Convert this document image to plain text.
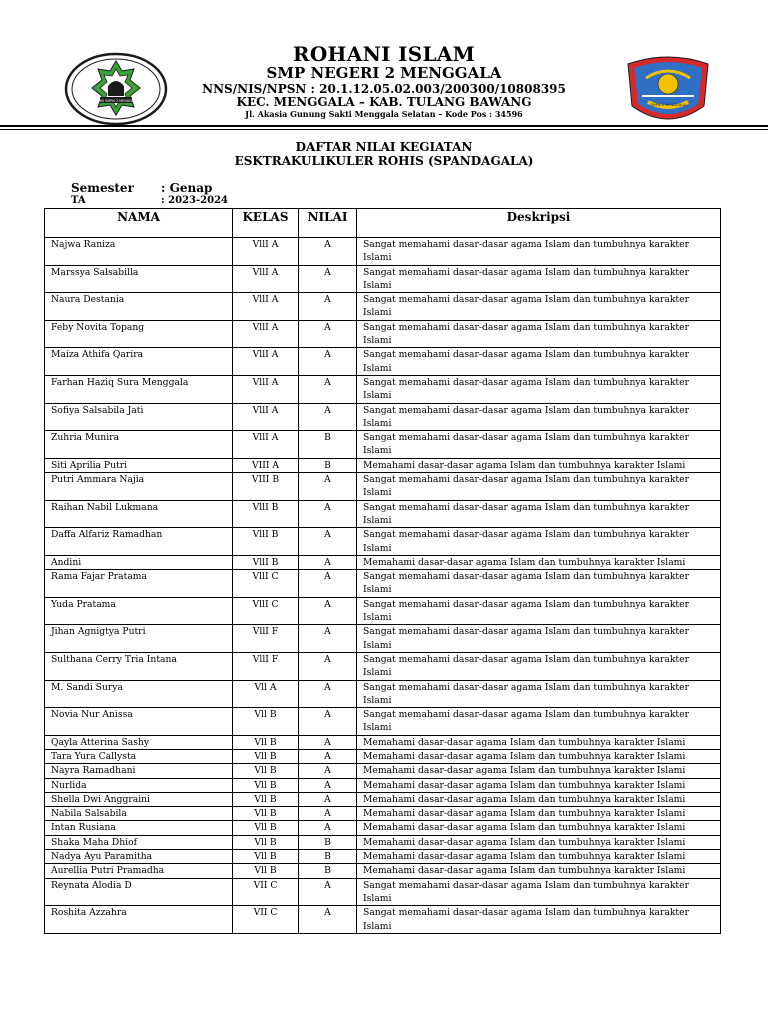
ROHIS SMPN 2 MENGGALA
ROHANI ISLAM
SMP NEGERI 2 MENGGALA
NNS/NIS/NPSN : 20.1.12.05.02.003/200300/10808395
KEC. MENGGALA – KAB. TULANG BAWANG
Jl. Akasia Gunung Sakti Menggala Selatan – Kode Pos : 34596
SMPN 2 MENGGALA
DAFTAR NILAI KEGIATAN
ESKTRAKULIKULER ROHIS (SPANDAGALA)
Semester : Genap
TA	: 2023-2024
NAMA	KELAS	NILAI	Deskripsi
Najwa Raniza	VllI A	A	Sangat memahami dasar-dasar agama Islam dan tumbuhnya karakter Islami
Marssya Salsabilla	VllI A	A	Sangat memahami dasar-dasar agama Islam dan tumbuhnya karakter Islami
Naura Destania	VllI A	A	Sangat memahami dasar-dasar agama Islam dan tumbuhnya karakter Islami
Feby Novita Topang	VllI A	A	Sangat memahami dasar-dasar agama Islam dan tumbuhnya karakter Islami
Maiza Athifa Qarira	VllI A	A	Sangat memahami dasar-dasar agama Islam dan tumbuhnya karakter Islami
Farhan Haziq Sura Menggala	VllI A	A	Sangat memahami dasar-dasar agama Islam dan tumbuhnya karakter Islami
Sofiya Salsabila Jati	VllI A	A	Sangat memahami dasar-dasar agama Islam dan tumbuhnya karakter Islami
Zuhria Munira	VllI A	B	Sangat memahami dasar-dasar agama Islam dan tumbuhnya karakter Islami
Siti Aprilia Putri	VIII A	B	Memahami dasar-dasar agama Islam dan tumbuhnya karakter Islami
Putri Ammara Najia	VIII B	A	Sangat memahami dasar-dasar agama Islam dan tumbuhnya karakter Islami
Raihan Nabil Lukmana	VllI B	A	Sangat memahami dasar-dasar agama Islam dan tumbuhnya karakter Islami
Daffa Alfariz Ramadhan	VllI B	A	Sangat memahami dasar-dasar agama Islam dan tumbuhnya karakter Islami
Andini	VllI B	A	Memahami dasar-dasar agama Islam dan tumbuhnya karakter Islami
Rama Fajar Pratama	VllI C	A	Sangat memahami dasar-dasar agama Islam dan tumbuhnya karakter Islami
Yuda Pratama	VllI C	A	Sangat memahami dasar-dasar agama Islam dan tumbuhnya karakter Islami
Jihan Agnigtya Putri	VllI F	A	Sangat memahami dasar-dasar agama Islam dan tumbuhnya karakter Islami
Sulthana Cerry Tria Intana	VllI F	A	Sangat memahami dasar-dasar agama Islam dan tumbuhnya karakter Islami
M. Sandi Surya	Vll A	A	Sangat memahami dasar-dasar agama Islam dan tumbuhnya karakter Islami
Novia Nur Anissa	Vll B	A	Sangat memahami dasar-dasar agama Islam dan tumbuhnya karakter Islami
Qayla Atterina Sashy	Vll B	A	Memahami dasar-dasar agama Islam dan tumbuhnya karakter Islami
Tara Yura Callysta	Vll B	A	Memahami dasar-dasar agama Islam dan tumbuhnya karakter Islami
Nayra Ramadhani	Vll B	A	Memahami dasar-dasar agama Islam dan tumbuhnya karakter Islami
Nurlida	Vll B	A	Memahami dasar-dasar agama Islam dan tumbuhnya karakter Islami
Shella Dwi Anggraini	Vll B	A	Memahami dasar-dasar agama Islam dan tumbuhnya karakter Islami
Nabila Salsabila	Vll B	A	Memahami dasar-dasar agama Islam dan tumbuhnya karakter Islami
Intan Rusiana	Vll B	A	Memahami dasar-dasar agama Islam dan tumbuhnya karakter Islami
Shaka Maha Dhiof	Vll B	B	Memahami dasar-dasar agama Islam dan tumbuhnya karakter Islami
Nadya Ayu Paramitha	Vll B	B	Memahami dasar-dasar agama Islam dan tumbuhnya karakter Islami
Aurellia Putri Pramadha	Vll B	B	Memahami dasar-dasar agama Islam dan tumbuhnya karakter Islami
Reynata Alodia D	VII C	A	Sangat memahami dasar-dasar agama Islam dan tumbuhnya karakter Islami
Roshita Azzahra	VII C	A	Sangat memahami dasar-dasar agama Islam dan tumbuhnya karakter Islami
